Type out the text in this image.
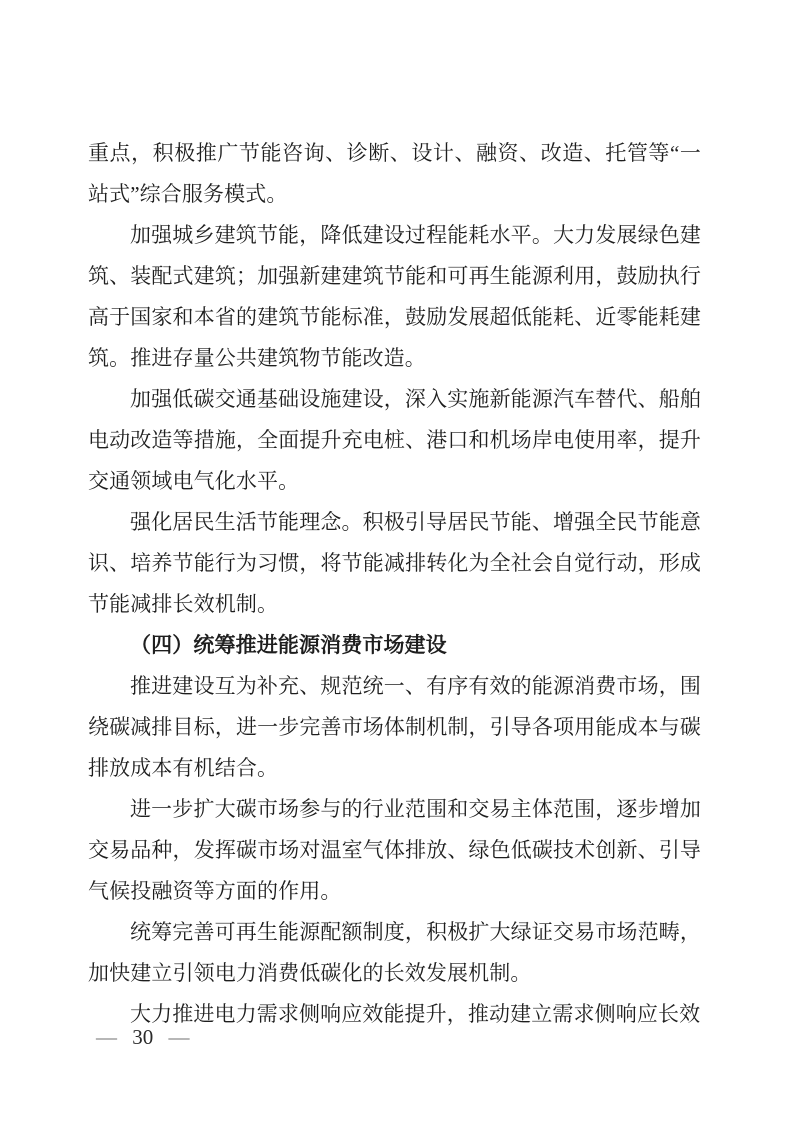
重点，积极推广节能咨询、诊断、设计、融资、改造、托管等“一站式”综合服务模式。

加强城乡建筑节能，降低建设过程能耗水平。大力发展绿色建筑、装配式建筑；加强新建建筑节能和可再生能源利用，鼓励执行高于国家和本省的建筑节能标准，鼓励发展超低能耗、近零能耗建筑。推进存量公共建筑物节能改造。

加强低碳交通基础设施建设，深入实施新能源汽车替代、船舶电动改造等措施，全面提升充电桩、港口和机场岸电使用率，提升交通领域电气化水平。

强化居民生活节能理念。积极引导居民节能、增强全民节能意识、培养节能行为习惯，将节能减排转化为全社会自觉行动，形成节能减排长效机制。

（四）统筹推进能源消费市场建设

推进建设互为补充、规范统一、有序有效的能源消费市场，围绕碳减排目标，进一步完善市场体制机制，引导各项用能成本与碳排放成本有机结合。

进一步扩大碳市场参与的行业范围和交易主体范围，逐步增加交易品种，发挥碳市场对温室气体排放、绿色低碳技术创新、引导气候投融资等方面的作用。

统筹完善可再生能源配额制度，积极扩大绿证交易市场范畴，加快建立引领电力消费低碳化的长效发展机制。

大力推进电力需求侧响应效能提升，推动建立需求侧响应长效

— 30 —
